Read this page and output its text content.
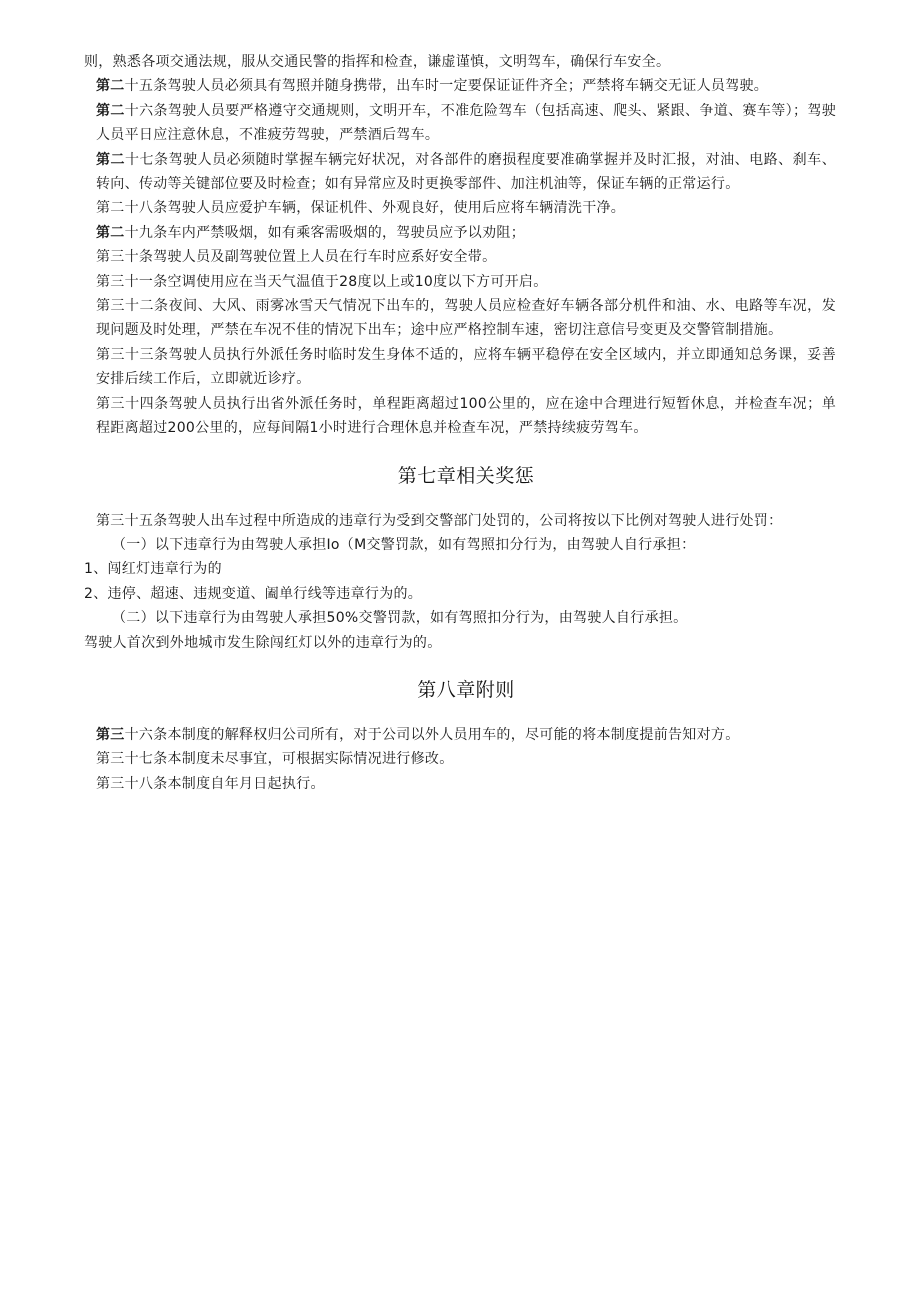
则，熟悉各项交通法规，服从交通民警的指挥和检查，谦虚谨慎，文明驾车，确保行车安全。

第二十五条驾驶人员必须具有驾照并随身携带，出车时一定要保证证件齐全；严禁将车辆交无证人员驾驶。

第二十六条驾驶人员要严格遵守交通规则，文明开车，不准危险驾车（包括高速、爬头、紧跟、争道、赛车等）；驾驶人员平日应注意休息，不准疲劳驾驶，严禁酒后驾车。

第二十七条驾驶人员必须随时掌握车辆完好状况，对各部件的磨损程度要准确掌握并及时汇报，对油、电路、刹车、转向、传动等关键部位要及时检查；如有异常应及时更换零部件、加注机油等，保证车辆的正常运行。

第二十八条驾驶人员应爱护车辆，保证机件、外观良好，使用后应将车辆清洗干净。

第二十九条车内严禁吸烟，如有乘客需吸烟的，驾驶员应予以劝阻；

第三十条驾驶人员及副驾驶位置上人员在行车时应系好安全带。

第三十一条空调使用应在当天气温值于28度以上或10度以下方可开启。

第三十二条夜间、大风、雨雾冰雪天气情况下出车的，驾驶人员应检查好车辆各部分机件和油、水、电路等车况，发现问题及时处理，严禁在车况不佳的情况下出车；途中应严格控制车速，密切注意信号变更及交警管制措施。

第三十三条驾驶人员执行外派任务时临时发生身体不适的，应将车辆平稳停在安全区域内，并立即通知总务课，妥善安排后续工作后，立即就近诊疗。

第三十四条驾驶人员执行出省外派任务时，单程距离超过100公里的，应在途中合理进行短暂休息，并检查车况；单程距离超过200公里的，应每间隔1小时进行合理休息并检查车况，严禁持续疲劳驾车。

第七章相关奖惩

第三十五条驾驶人出车过程中所造成的违章行为受到交警部门处罚的，公司将按以下比例对驾驶人进行处罚：

（一）以下违章行为由驾驶人承担Io（M交警罚款，如有驾照扣分行为，由驾驶人自行承担：

1、闯红灯违章行为的

2、违停、超速、违规变道、阖单行线等违章行为的。

（二）以下违章行为由驾驶人承担50%交警罚款，如有驾照扣分行为，由驾驶人自行承担。

驾驶人首次到外地城市发生除闯红灯以外的违章行为的。

第八章附则

第三十六条本制度的解释权归公司所有，对于公司以外人员用车的，尽可能的将本制度提前告知对方。

第三十七条本制度未尽事宜，可根据实际情况进行修改。

第三十八条本制度自年月日起执行。
